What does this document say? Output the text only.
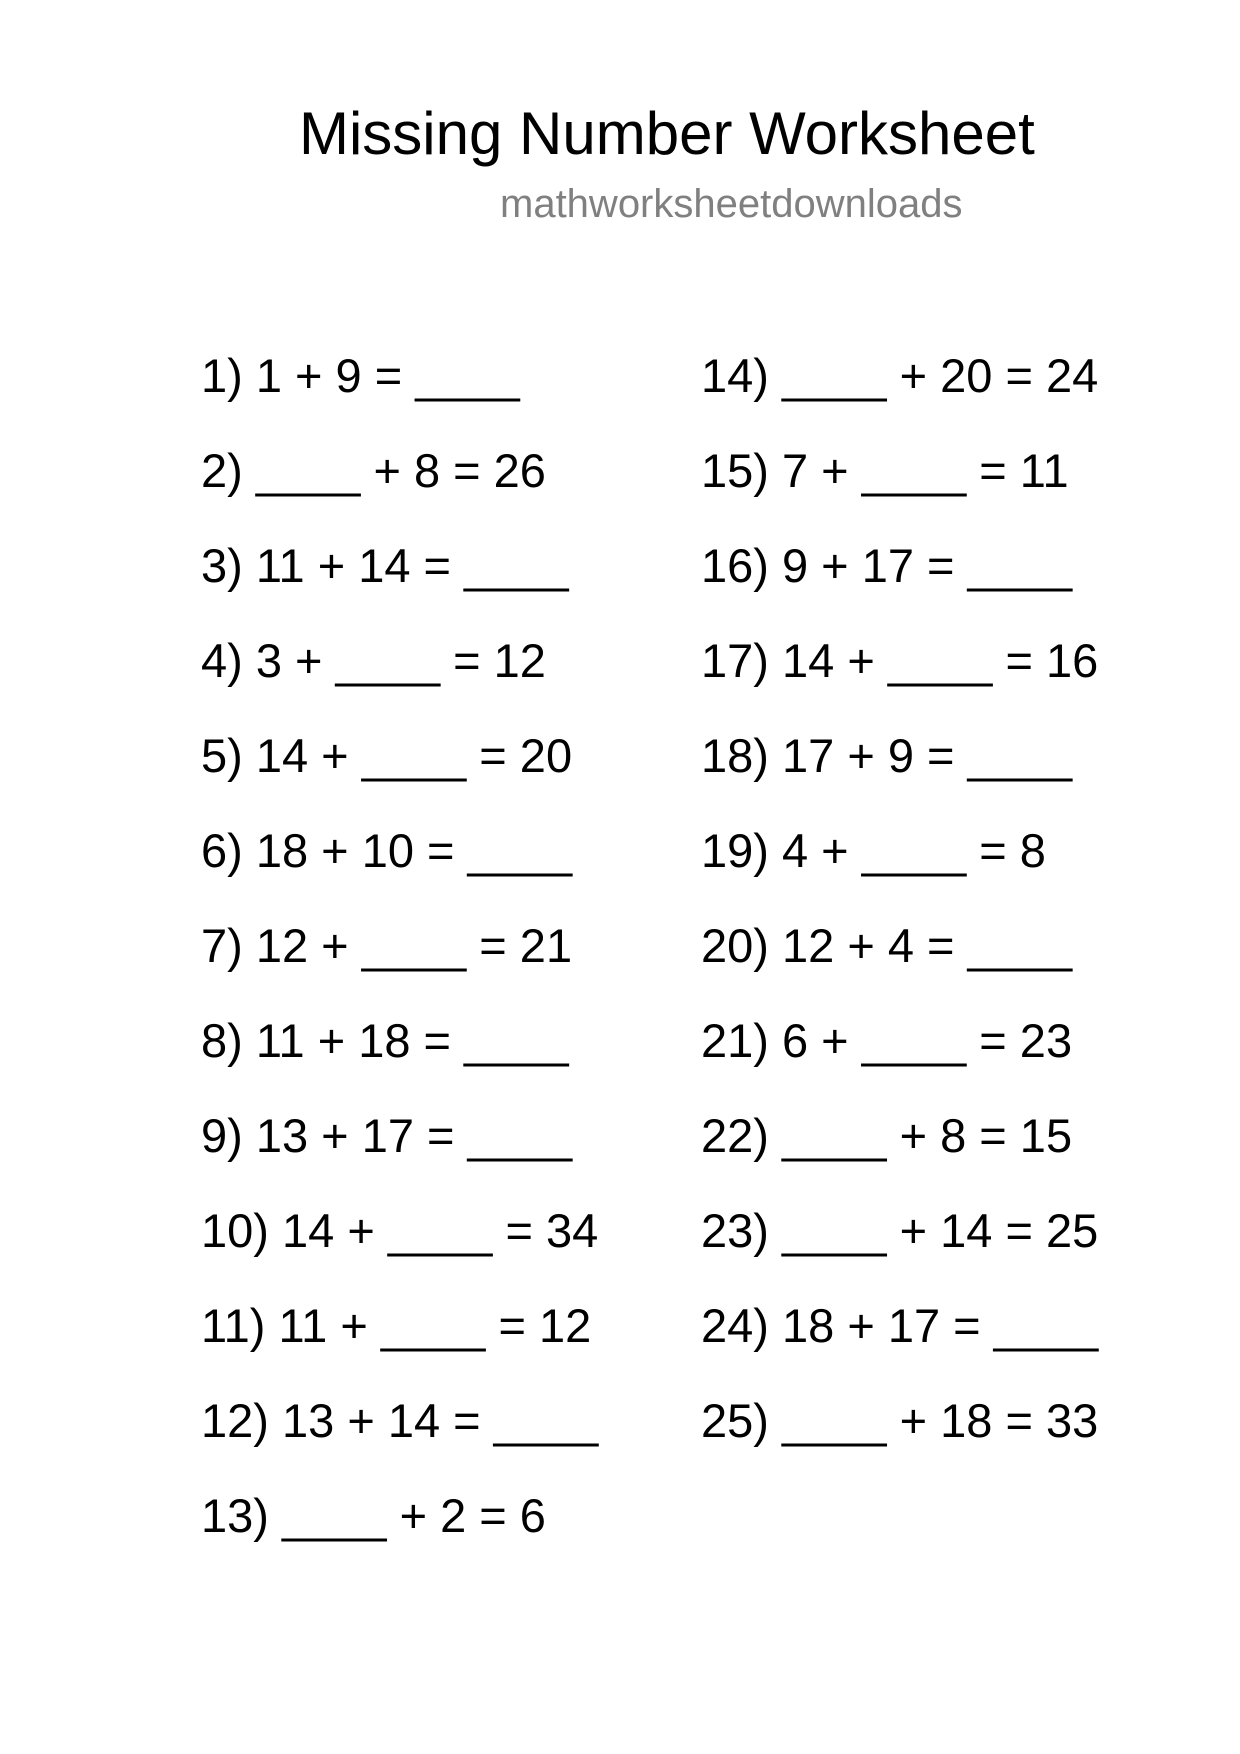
Missing Number Worksheet
mathworksheetdownloads
1) 1 + 9 = ____
2) ____ + 8 = 26
3) 11 + 14 = ____
4) 3 + ____ = 12
5) 14 + ____ = 20
6) 18 + 10 = ____
7) 12 + ____ = 21
8) 11 + 18 = ____
9) 13 + 17 = ____
10) 14 + ____ = 34
11) 11 + ____ = 12
12) 13 + 14 = ____
13) ____ + 2 = 6
14) ____ + 20 = 24
15) 7 + ____ = 11
16) 9 + 17 = ____
17) 14 + ____ = 16
18) 17 + 9 = ____
19) 4 + ____ = 8
20) 12 + 4 = ____
21) 6 + ____ = 23
22) ____ + 8 = 15
23) ____ + 14 = 25
24) 18 + 17 = ____
25) ____ + 18 = 33
